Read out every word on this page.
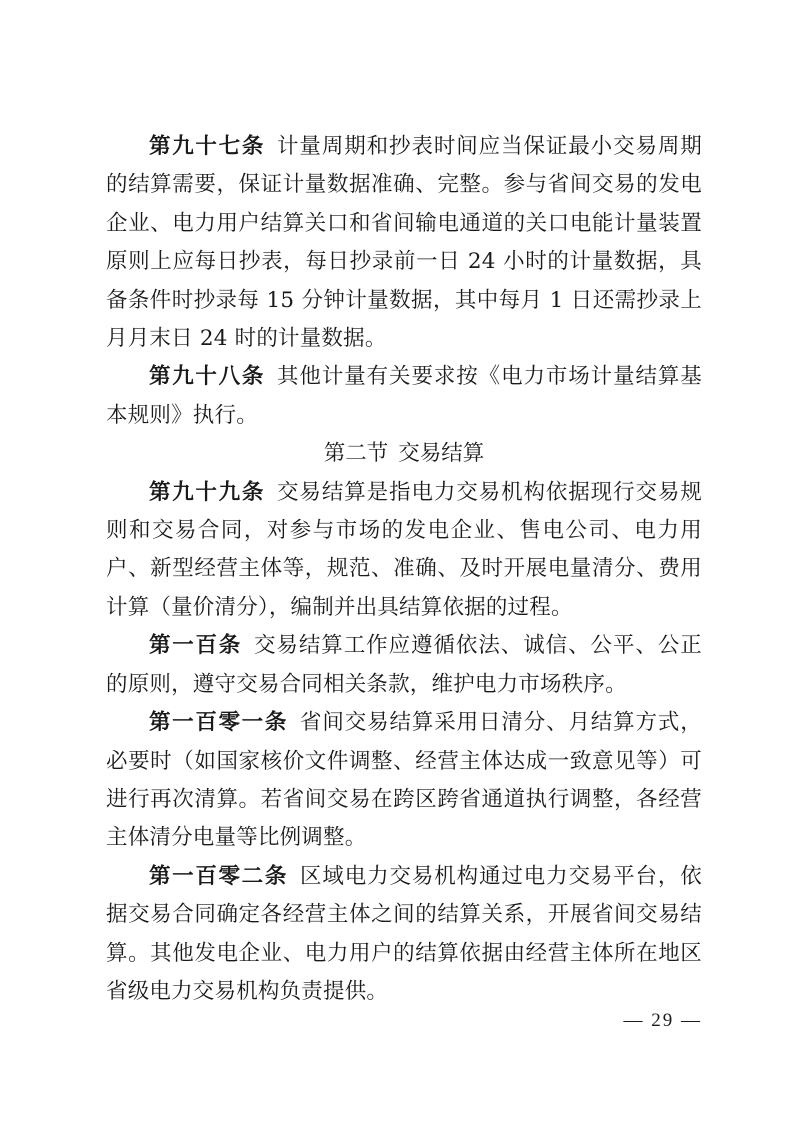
第九十七条 计量周期和抄表时间应当保证最小交易周期的结算需要，保证计量数据准确、完整。参与省间交易的发电企业、电力用户结算关口和省间输电通道的关口电能计量装置原则上应每日抄表，每日抄录前一日 24 小时的计量数据，具备条件时抄录每 15 分钟计量数据，其中每月 1 日还需抄录上月月末日 24 时的计量数据。

第九十八条 其他计量有关要求按《电力市场计量结算基本规则》执行。

第二节 交易结算

第九十九条 交易结算是指电力交易机构依据现行交易规则和交易合同，对参与市场的发电企业、售电公司、电力用户、新型经营主体等，规范、准确、及时开展电量清分、费用计算（量价清分），编制并出具结算依据的过程。

第一百条 交易结算工作应遵循依法、诚信、公平、公正的原则，遵守交易合同相关条款，维护电力市场秩序。

第一百零一条 省间交易结算采用日清分、月结算方式，必要时（如国家核价文件调整、经营主体达成一致意见等）可进行再次清算。若省间交易在跨区跨省通道执行调整，各经营主体清分电量等比例调整。

第一百零二条 区域电力交易机构通过电力交易平台，依据交易合同确定各经营主体之间的结算关系，开展省间交易结算。其他发电企业、电力用户的结算依据由经营主体所在地区省级电力交易机构负责提供。

— 29 —
